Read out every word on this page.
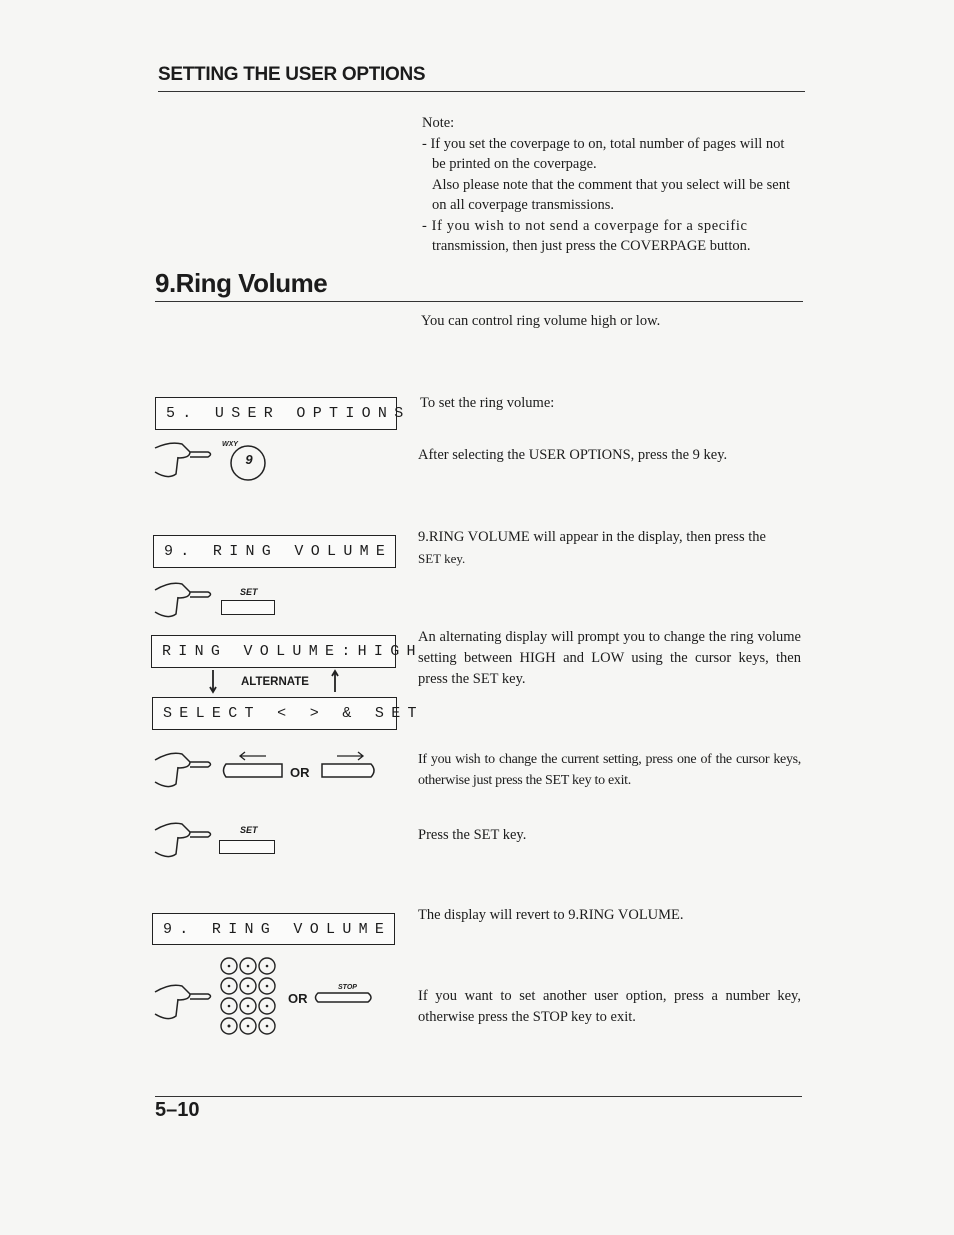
SETTING THE USER OPTIONS

Note:

- If you set the coverpage to on, total number of pages will not

be printed on the coverpage.

Also please note that the comment that you select will be sent

on all coverpage transmissions.

- If you wish to not send a coverpage for a specific

transmission, then just press the COVERPAGE button.

9.Ring Volume
You can control ring volume high or low.
5. USER OPTIONS
To set the ring volume:
WXY
9	After selecting the USER OPTIONS, press the 9 key.
9. RING VOLUME
9.RING VOLUME will appear in the display, then press the
SET key.
SET
RING VOLUME:HIGH
ALTERNATE
SELECT < > & SET
An alternating display will prompt you to change the ring volume setting between HIGH and LOW using the cursor keys, then press the SET key.
OR
If you wish to change the current setting, press one of the cursor keys, otherwise just press the SET key to exit.
SET	Press the SET key.
9. RING VOLUME
The display will revert to 9.RING VOLUME.
OR
STOP
If you want to set another user option, press a number key, otherwise press the STOP key to exit.
5–10
